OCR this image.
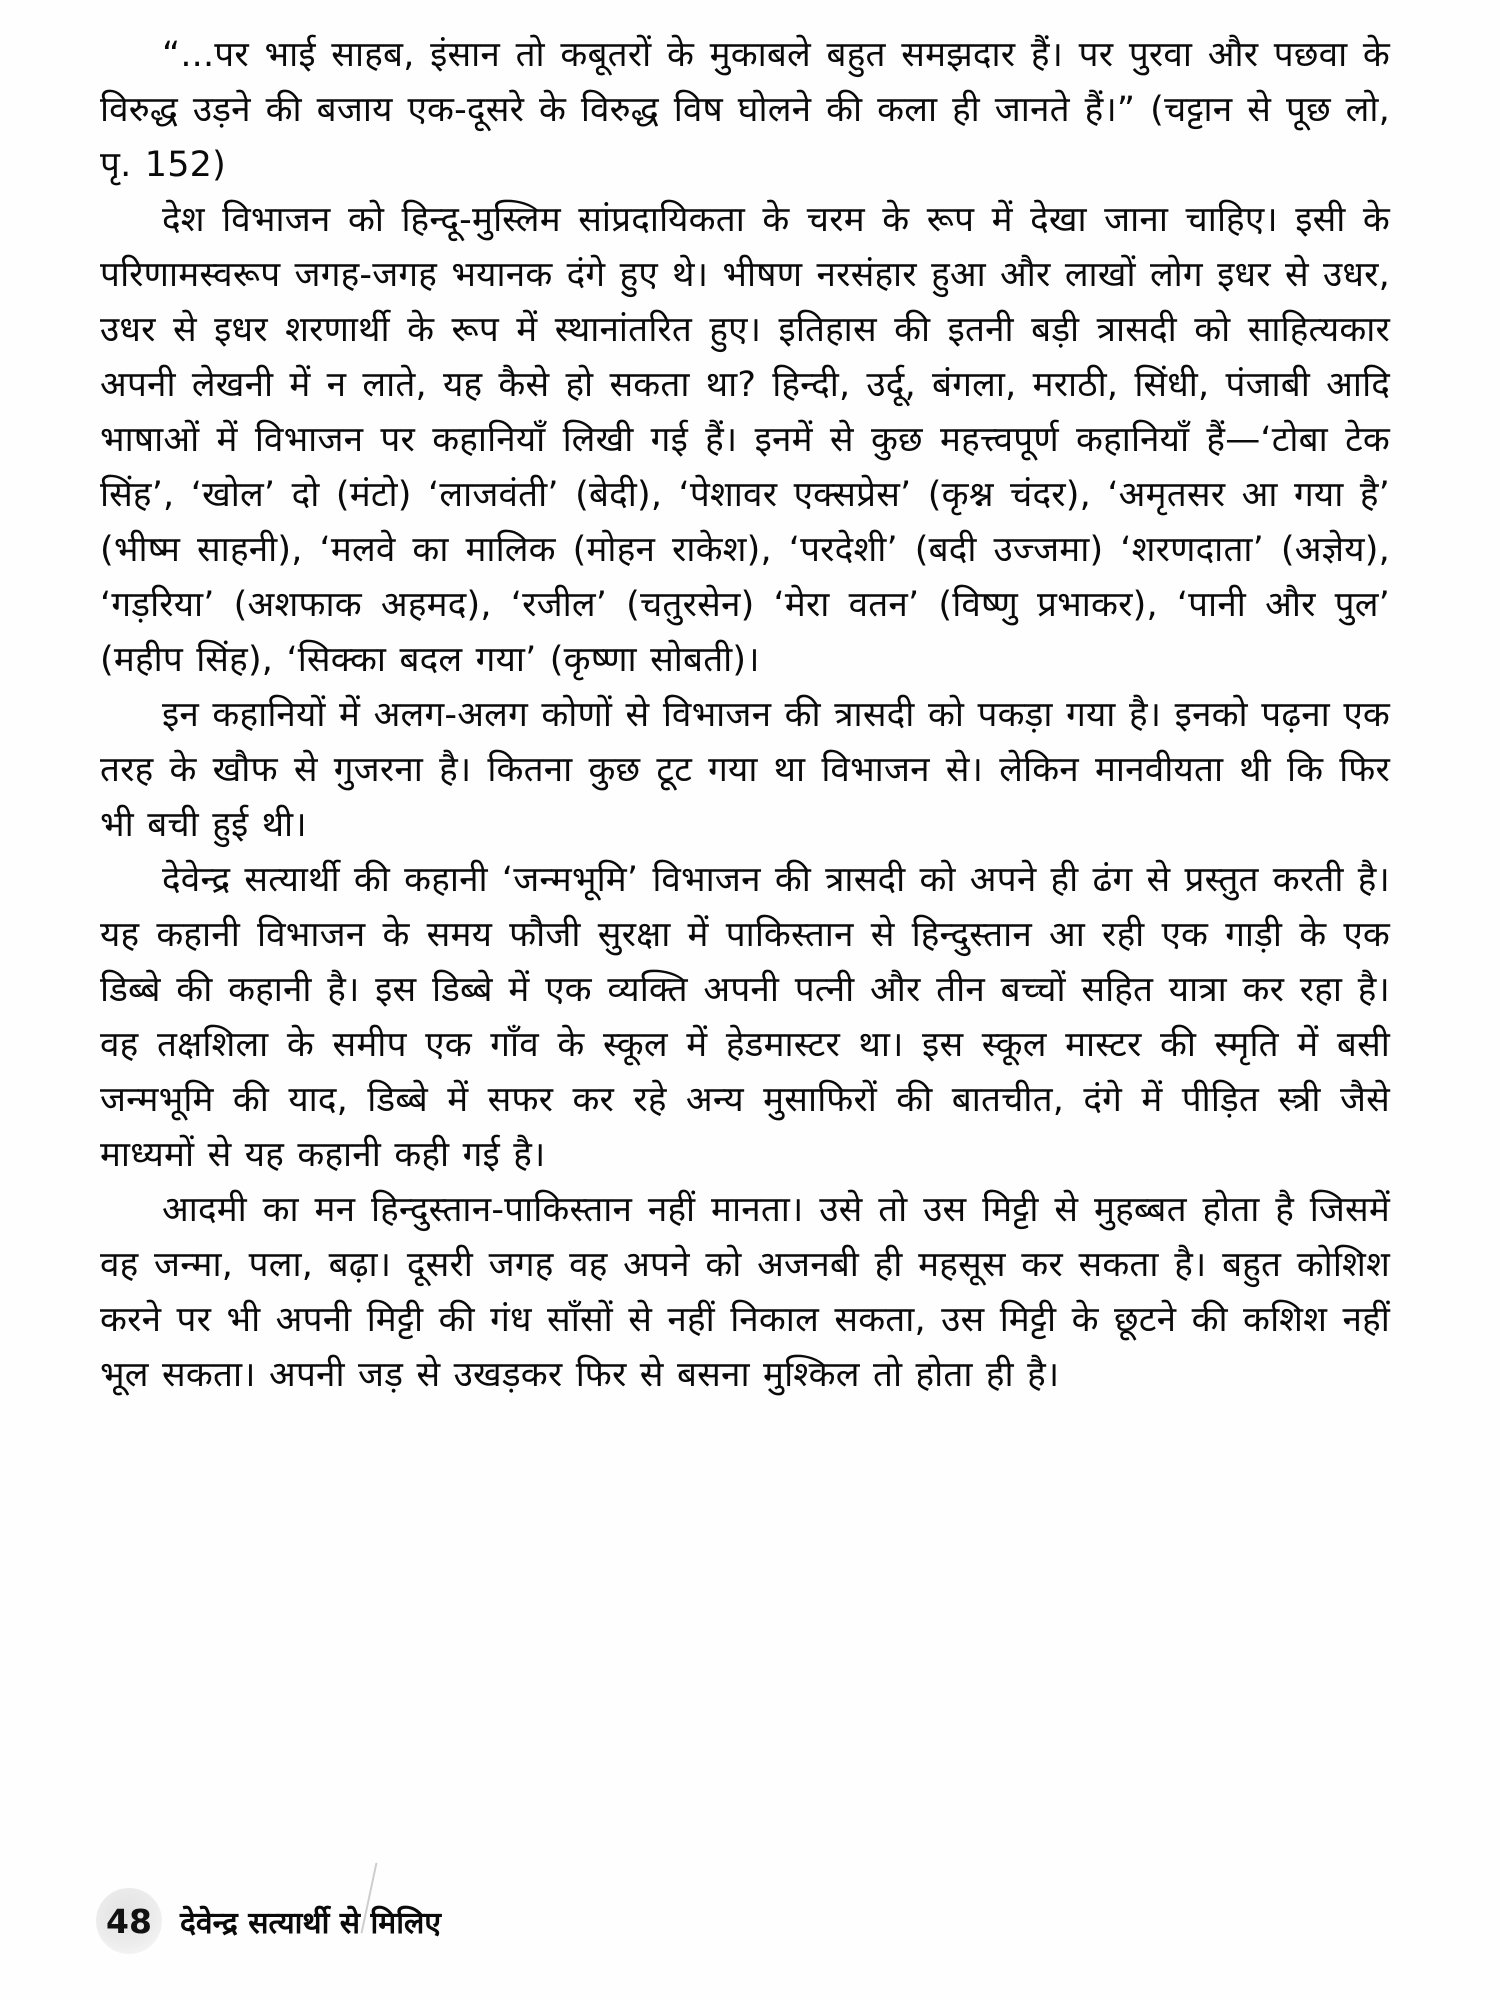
“...पर भाई साहब, इंसान तो कबूतरों के मुकाबले बहुत समझदार हैं। पर पुरवा और पछवा के विरुद्ध उड़ने की बजाय एक-दूसरे के विरुद्ध विष घोलने की कला ही जानते हैं।” (चट्टान से पूछ लो, पृ. 152)

देश विभाजन को हिन्दू-मुस्लिम सांप्रदायिकता के चरम के रूप में देखा जाना चाहिए। इसी के परिणामस्वरूप जगह-जगह भयानक दंगे हुए थे। भीषण नरसंहार हुआ और लाखों लोग इधर से उधर, उधर से इधर शरणार्थी के रूप में स्थानांतरित हुए। इतिहास की इतनी बड़ी त्रासदी को साहित्यकार अपनी लेखनी में न लाते, यह कैसे हो सकता था? हिन्दी, उर्दू, बंगला, मराठी, सिंधी, पंजाबी आदि भाषाओं में विभाजन पर कहानियाँ लिखी गई हैं। इनमें से कुछ महत्त्वपूर्ण कहानियाँ हैं—‘टोबा टेक सिंह’, ‘खोल’ दो (मंटो) ‘लाजवंती’ (बेदी), ‘पेशावर एक्सप्रेस’ (कृश्न चंदर), ‘अमृतसर आ गया है’ (भीष्म साहनी), ‘मलवे का मालिक (मोहन राकेश), ‘परदेशी’ (बदी उज्जमा) ‘शरणदाता’ (अज्ञेय), ‘गड़रिया’ (अशफाक अहमद), ‘रजील’ (चतुरसेन) ‘मेरा वतन’ (विष्णु प्रभाकर), ‘पानी और पुल’ (महीप सिंह), ‘सिक्का बदल गया’ (कृष्णा सोबती)।

इन कहानियों में अलग-अलग कोणों से विभाजन की त्रासदी को पकड़ा गया है। इनको पढ़ना एक तरह के खौफ से गुजरना है। कितना कुछ टूट गया था विभाजन से। लेकिन मानवीयता थी कि फिर भी बची हुई थी।

देवेन्द्र सत्यार्थी की कहानी ‘जन्मभूमि’ विभाजन की त्रासदी को अपने ही ढंग से प्रस्तुत करती है। यह कहानी विभाजन के समय फौजी सुरक्षा में पाकिस्तान से हिन्दुस्तान आ रही एक गाड़ी के एक डिब्बे की कहानी है। इस डिब्बे में एक व्यक्ति अपनी पत्नी और तीन बच्चों सहित यात्रा कर रहा है। वह तक्षशिला के समीप एक गाँव के स्कूल में हेडमास्टर था। इस स्कूल मास्टर की स्मृति में बसी जन्मभूमि की याद, डिब्बे में सफर कर रहे अन्य मुसाफिरों की बातचीत, दंगे में पीड़ित स्त्री जैसे माध्यमों से यह कहानी कही गई है।

आदमी का मन हिन्दुस्तान-पाकिस्तान नहीं मानता। उसे तो उस मिट्टी से मुहब्बत होता है जिसमें वह जन्मा, पला, बढ़ा। दूसरी जगह वह अपने को अजनबी ही महसूस कर सकता है। बहुत कोशिश करने पर भी अपनी मिट्टी की गंध साँसों से नहीं निकाल सकता, उस मिट्टी के छूटने की कशिश नहीं भूल सकता। अपनी जड़ से उखड़कर फिर से बसना मुश्किल तो होता ही है।

48 देवेन्द्र सत्यार्थी से मिलिए
